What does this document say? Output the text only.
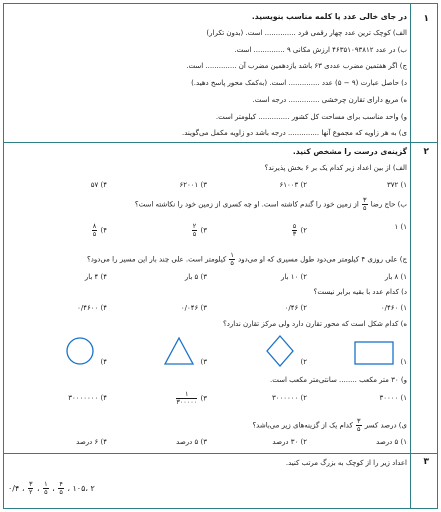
۱
۲
۳
در جای خالی عدد یا کلمه مناسب بنویسید.
الف) کوچک ترین عدد چهار رقمی فرد .............. است. (بدون تکرار)
ب) در عدد ۴۶۳۵۱۰۹۳۸۱۲ ارزش مکانی ۹ .............. است.
ج) اگر هفتمین مضرب عددی ۶۳ باشد یازدهمین مضرب آن .............. است.
د) حاصل عبارت (۹ − ۵) عدد .............. است. (به‌کمک محور پاسخ دهید.)
ه) مربع دارای تقارن چرخشی .............. درجه است.
و) واحد مناسب برای مساحت کل کشور .............. کیلومتر است.
ی) به هر زاویه که مجموع آنها .............. درجه باشد دو زاویه مکمل می‌گویند.
گزینه‌ی درست را مشخص کنید.
الف) از بین اعداد زیر کدام یک بر ۶ بخش پذیرند؟
۱) ۳۷۲
۲) ۶۱۰۰۳
۳) ۶۲۰۰۱
۴) ۵۷
ب) حاج رضا
$\frac{۳}{۵}$
از زمین خود را گندم کاشته است. او چه کسری از زمین خود را نکاشته است؟
۱) ۱
۲)
$\frac{۵}{۳}$
۳)
$\frac{۲}{۵}$
۴)
$\frac{۸}{۵}$
ج) علی روزی ۴ کیلومتر می‌دود طول مسیری که او می‌دود
$\frac{۱}{۵}$
کیلومتر است. علی چند بار این مسیر را می‌دود؟
۱) ۸ بار
۲) ۱۰ بار
۳) ۵ بار
۴) ۴ بار
د) کدام عدد با بقیه برابر نیست؟
۱) ۰/۴۶۰
۲) ۰/۴۶
۳) ۰/۰۴۶
۴) ۰/۴۶۰۰
ه) کدام شکل است که محور تقارن دارد ولی مرکز تقارن ندارد؟
۱)
۲)
۳)
۴)
و) ۳۰ متر مکعب ........ سانتی‌متر مکعب است.
۱) ۳۰۰۰۰
۲) ۳۰۰۰۰۰۰
۳)
$\frac{۱}{۳۰۰۰۰۰}$
۴) ۳۰۰۰۰۰۰۰
ی) درصد کسر
$\frac{۳}{۵}$
کدام یک از گزینه‌های زیر می‌باشد؟
۱) ۵ درصد
۲) ۳۰ درصد
۳) ۵ درصد
۴) ۶ درصد
اعداد زیر را از کوچک به بزرگ مرتب کنید.
۰/۴ ، $\frac{۳}{۲}$ ، $\frac{۱}{۵}$ ، $\frac{۴}{۵}$ ، ۱۰۵، ۲
